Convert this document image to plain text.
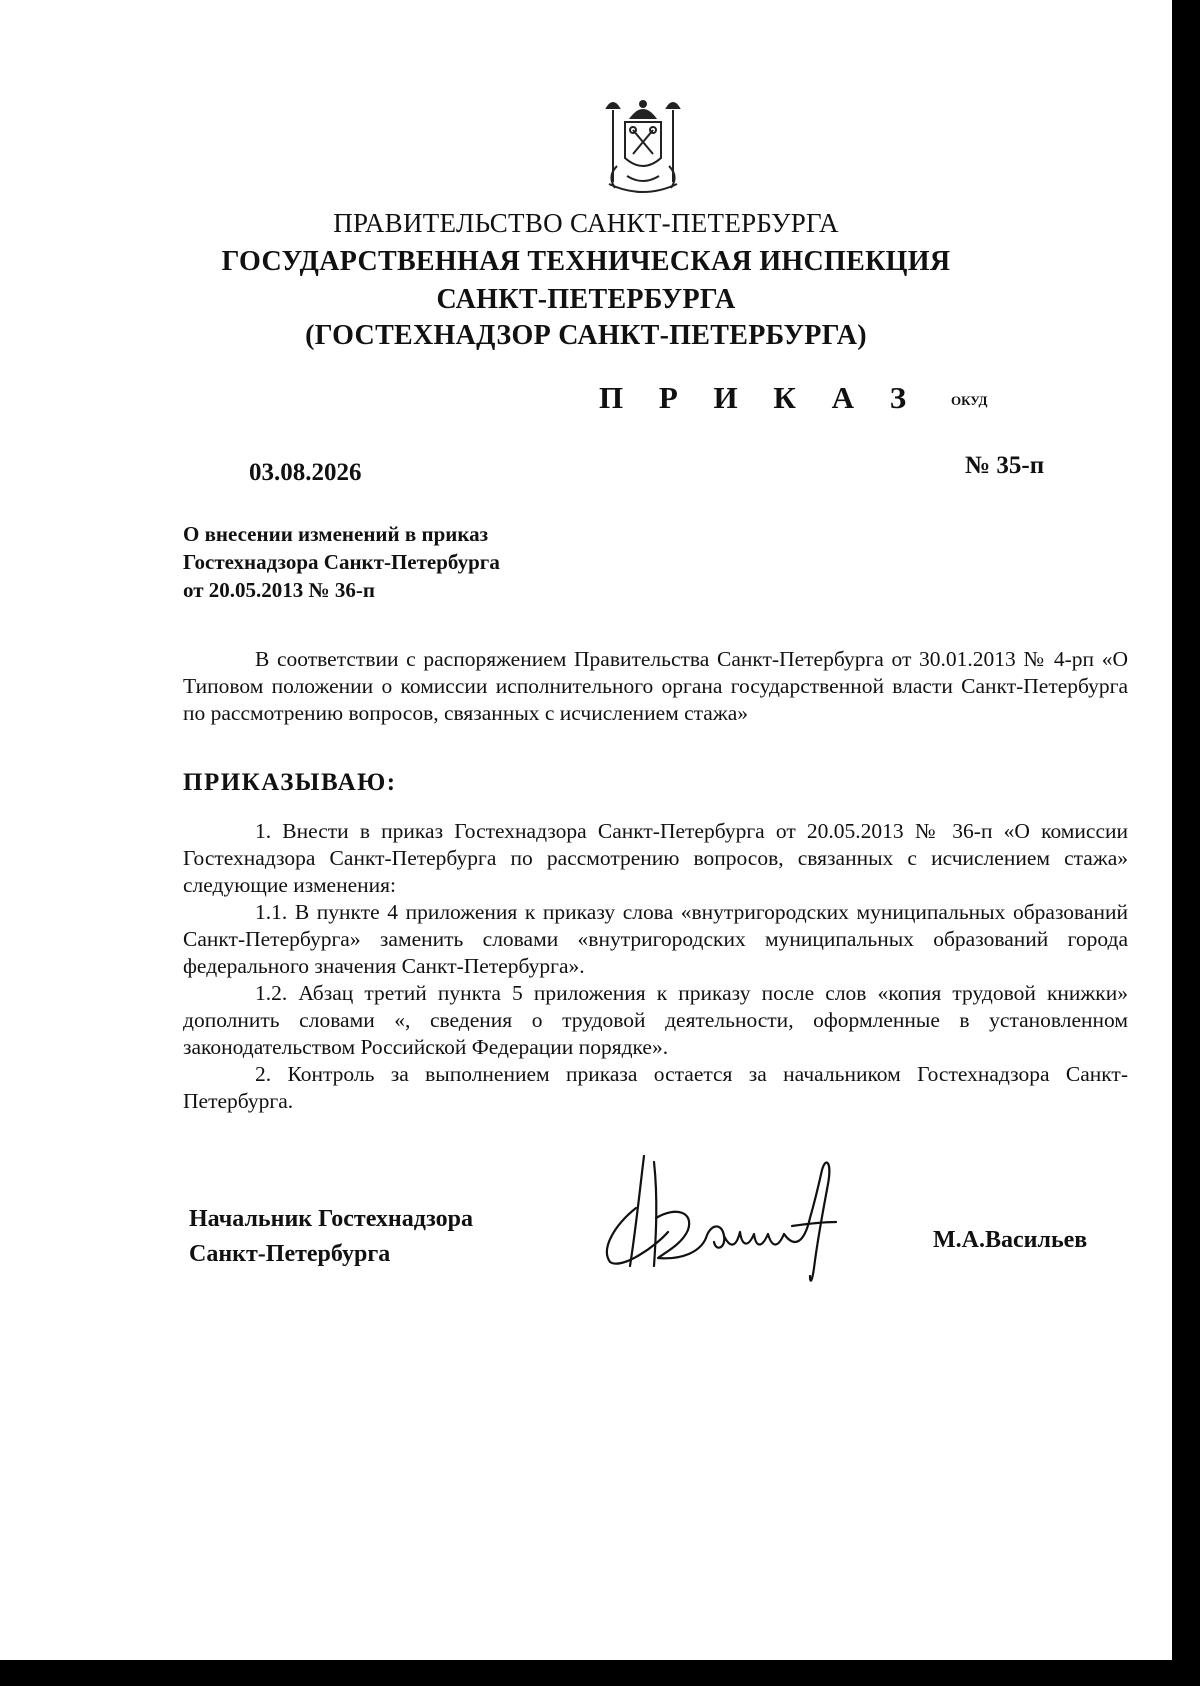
ПРАВИТЕЛЬСТВО САНКТ-ПЕТЕРБУРГА
ГОСУДАРСТВЕННАЯ ТЕХНИЧЕСКАЯ ИНСПЕКЦИЯ
САНКТ-ПЕТЕРБУРГА
(ГОСТЕХНАДЗОР САНКТ-ПЕТЕРБУРГА)
П Р И К А З ОКУД
03.08.2026	№ 35-п
О внесении изменений в приказ
Гостехнадзора Санкт-Петербурга
от 20.05.2013 № 36-п

В соответствии с распоряжением Правительства Санкт-Петербурга от 30.01.2013 № 4-рп «О Типовом положении о комиссии исполнительного органа государственной власти Санкт-Петербурга по рассмотрению вопросов, связанных с исчислением стажа»

ПРИКАЗЫВАЮ:

1. Внести в приказ Гостехнадзора Санкт-Петербурга от 20.05.2013 № 36-п «О комиссии Гостехнадзора Санкт-Петербурга по рассмотрению вопросов, связанных с исчислением стажа» следующие изменения:

1.1. В пункте 4 приложения к приказу слова «внутригородских муниципальных образований Санкт-Петербурга» заменить словами «внутригородских муниципальных образований города федерального значения Санкт-Петербурга».

1.2. Абзац третий пункта 5 приложения к приказу после слов «копия трудовой книжки» дополнить словами «, сведения о трудовой деятельности, оформленные в установленном законодательством Российской Федерации порядке».

2. Контроль за выполнением приказа остается за начальником Гостехнадзора Санкт-Петербурга.

Начальник Гостехнадзора
Санкт-Петербурга
М.А.Васильев
